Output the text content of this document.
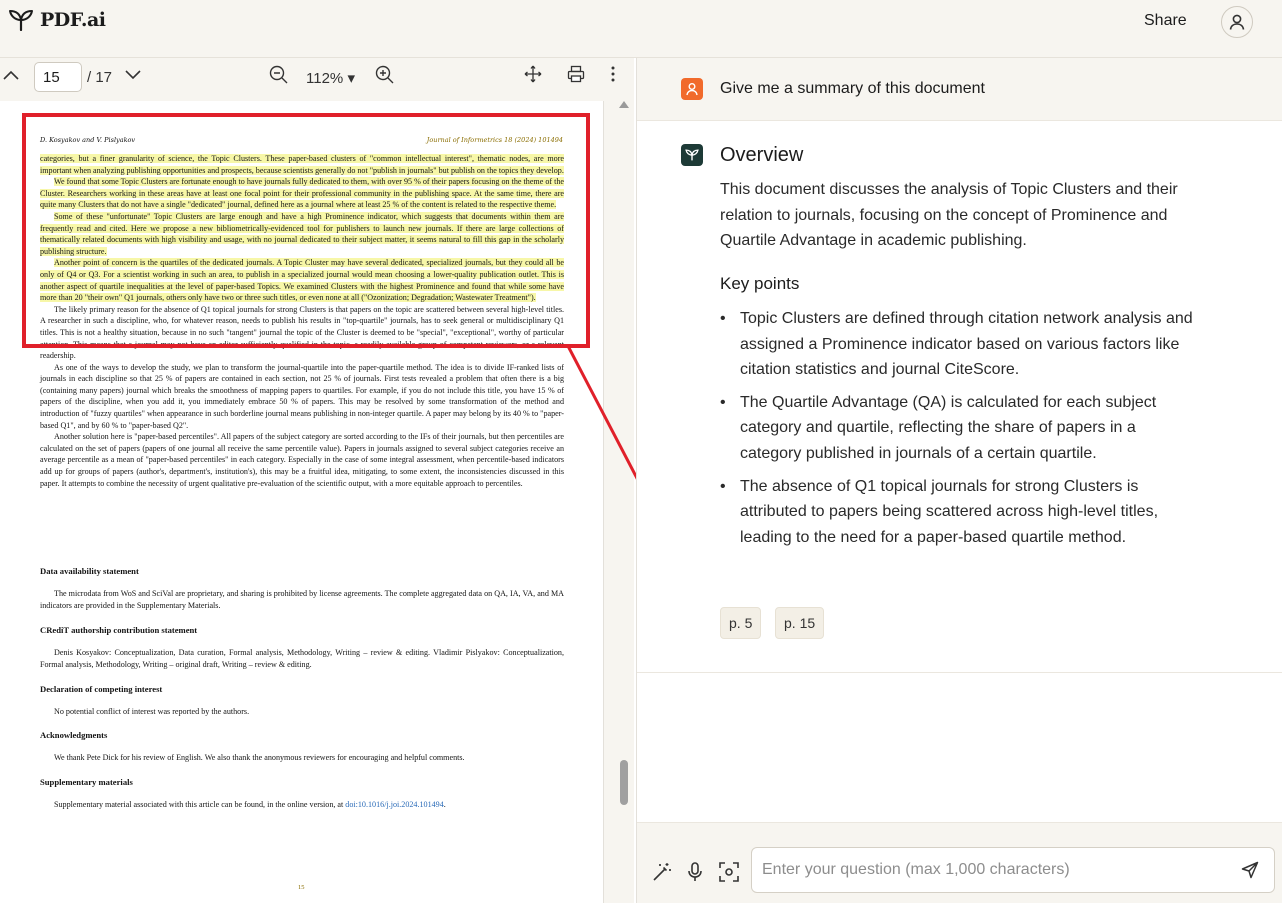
PDF.ai	Share
15
/ 17	112% ▾
D. Kosyakov and V. Pislyakov	Journal of Informetrics 18 (2024) 101494

categories, but a finer granularity of science, the Topic Clusters. These paper-based clusters of "common intellectual interest", thematic nodes, are more important when analyzing publishing opportunities and prospects, because scientists generally do not "publish in journals" but publish on the topics they develop.

We found that some Topic Clusters are fortunate enough to have journals fully dedicated to them, with over 95 % of their papers focusing on the theme of the Cluster. Researchers working in these areas have at least one focal point for their professional community in the publishing space. At the same time, there are quite many Clusters that do not have a single "dedicated" journal, defined here as a journal where at least 25 % of the content is related to the respective theme.

Some of these "unfortunate" Topic Clusters are large enough and have a high Prominence indicator, which suggests that documents within them are frequently read and cited. Here we propose a new bibliometrically-evidenced tool for publishers to launch new journals. If there are large collections of thematically related documents with high visibility and usage, with no journal dedicated to their subject matter, it seems natural to fill this gap in the scholarly publishing structure.

Another point of concern is the quartiles of the dedicated journals. A Topic Cluster may have several dedicated, specialized journals, but they could all be only of Q4 or Q3. For a scientist working in such an area, to publish in a specialized journal would mean choosing a lower-quality publication outlet. This is another aspect of quartile inequalities at the level of paper-based Topics. We examined Clusters with the highest Prominence and found that while some have more than 20 "their own" Q1 journals, others only have two or three such titles, or even none at all ("Ozonization; Degradation; Wastewater Treatment").

The likely primary reason for the absence of Q1 topical journals for strong Clusters is that papers on the topic are scattered between several high-level titles. A researcher in such a discipline, who, for whatever reason, needs to publish his results in "top-quartile" journals, has to seek general or multidisciplinary Q1 titles. This is not a healthy situation, because in no such "tangent" journal the topic of the Cluster is deemed to be "special", "exceptional", worthy of particular attention. This means that a journal may not have an editor sufficiently qualified in the topic, a readily available group of competent reviewers, or a relevant readership.

As one of the ways to develop the study, we plan to transform the journal-quartile into the paper-quartile method. The idea is to divide IF-ranked lists of journals in each discipline so that 25 % of papers are contained in each section, not 25 % of journals. First tests revealed a problem that often there is a big (containing many papers) journal which breaks the smoothness of mapping papers to quartiles. For example, if you do not include this title, you have 15 % of papers of the discipline, when you add it, you immediately embrace 50 % of papers. This may be resolved by some transformation of the method and introduction of "fuzzy quartiles" when appearance in such borderline journal means publishing in non-integer quartile. A paper may belong by its 40 % to "paper-based Q1", and by 60 % to "paper-based Q2".

Another solution here is "paper-based percentiles". All papers of the subject category are sorted according to the IFs of their journals, but then percentiles are calculated on the set of papers (papers of one journal all receive the same percentile value). Papers in journals assigned to several subject categories receive an average percentile as a mean of "paper-based percentiles" in each category. Especially in the case of some integral assessment, when percentile-based indicators add up for groups of papers (author's, department's, institution's), this may be a fruitful idea, mitigating, to some extent, the inconsistencies discussed in this paper. It attempts to combine the necessity of urgent qualitative pre-evaluation of the scientific output, with a more equitable approach to percentiles.

Data availability statement
The microdata from WoS and SciVal are proprietary, and sharing is prohibited by license agreements. The complete aggregated data on QA, IA, VA, and MA indicators are provided in the Supplementary Materials.
CRediT authorship contribution statement
Denis Kosyakov: Conceptualization, Data curation, Formal analysis, Methodology, Writing – review & editing. Vladimir Pislyakov: Conceptualization, Formal analysis, Methodology, Writing – original draft, Writing – review & editing.
Declaration of competing interest
No potential conflict of interest was reported by the authors.
Acknowledgments
We thank Pete Dick for his review of English. We also thank the anonymous reviewers for encouraging and helpful comments.
Supplementary materials
Supplementary material associated with this article can be found, in the online version, at doi:10.1016/j.joi.2024.101494.
15
Give me a summary of this document
Overview
This document discusses the analysis of Topic Clusters and their relation to journals, focusing on the concept of Prominence and Quartile Advantage in academic publishing.
Key points
• Topic Clusters are defined through citation network analysis and assigned a Prominence indicator based on various factors like citation statistics and journal CiteScore.
• The Quartile Advantage (QA) is calculated for each subject category and quartile, reflecting the share of papers in a category published in journals of a certain quartile.
• The absence of Q1 topical journals for strong Clusters is attributed to papers being scattered across high-level titles, leading to the need for a paper-based quartile method.
p. 5	p. 15
Enter your question (max 1,000 characters)
